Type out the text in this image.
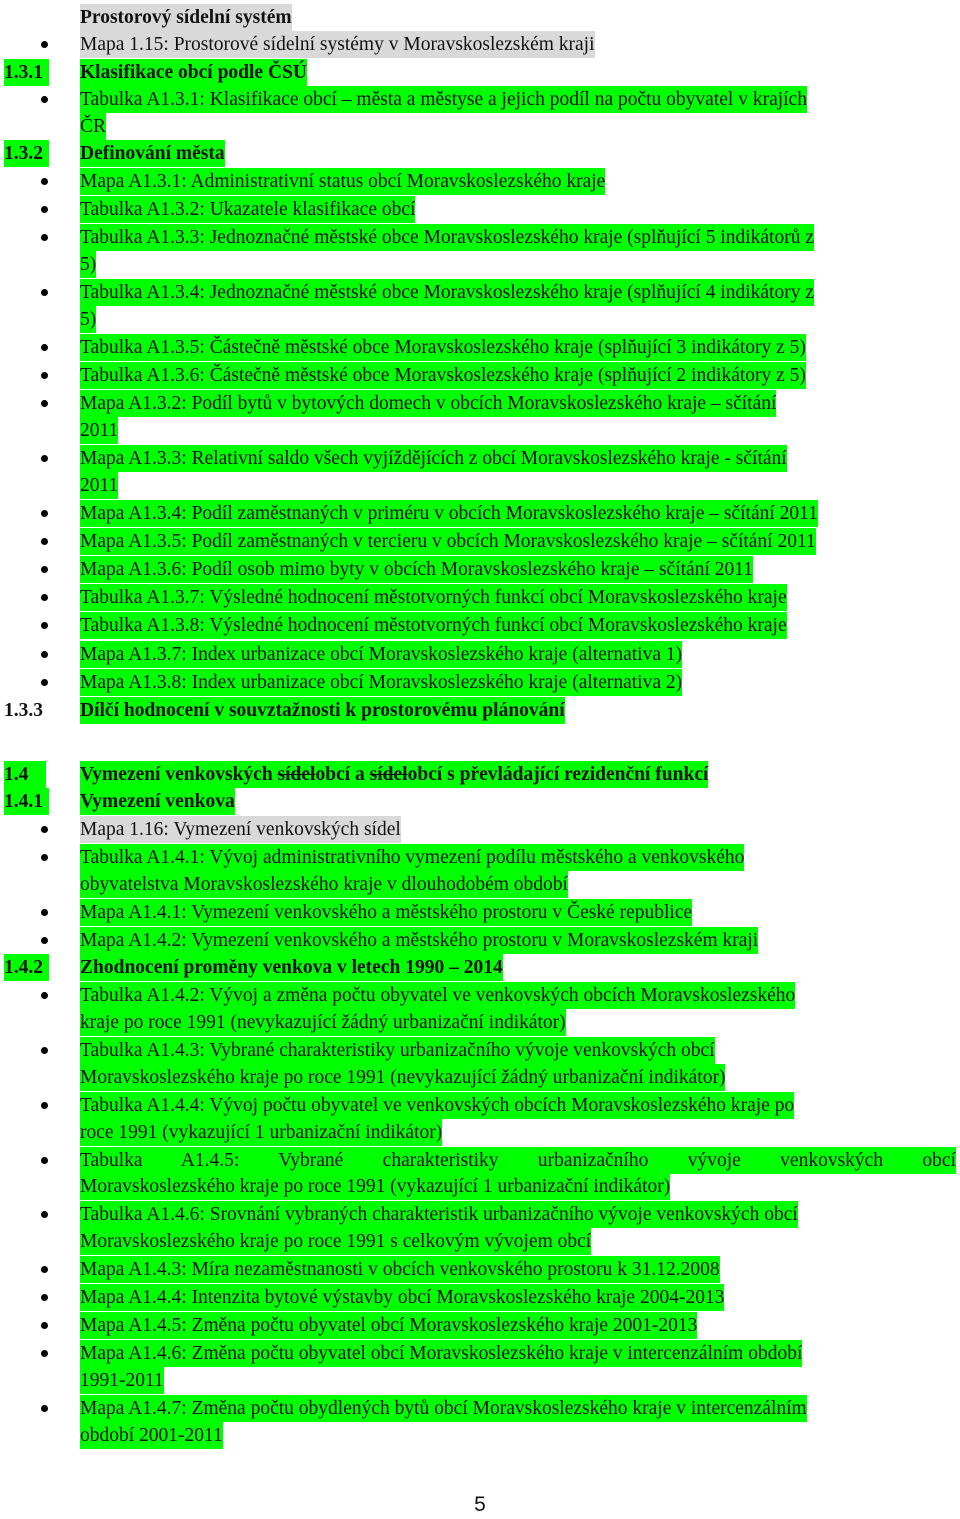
Prostorový sídelní systém
Mapa 1.15: Prostorové sídelní systémy v Moravskoslezském kraji
1.3.1	Klasifikace obcí podle ČSÚ
Tabulka A1.3.1: Klasifikace obcí – města a městyse a jejich podíl na počtu obyvatel v krajích
ČR
1.3.2	Definování města
Mapa A1.3.1: Administrativní status obcí Moravskoslezského kraje
Tabulka A1.3.2: Ukazatele klasifikace obcí
Tabulka A1.3.3: Jednoznačné městské obce Moravskoslezského kraje (splňující 5 indikátorů z
5)
Tabulka A1.3.4: Jednoznačné městské obce Moravskoslezského kraje (splňující 4 indikátory z
5)
Tabulka A1.3.5: Částečně městské obce Moravskoslezského kraje (splňující 3 indikátory z 5)
Tabulka A1.3.6: Částečně městské obce Moravskoslezského kraje (splňující 2 indikátory z 5)
Mapa A1.3.2: Podíl bytů v bytových domech v obcích Moravskoslezského kraje – sčítání
2011
Mapa A1.3.3: Relativní saldo všech vyjíždějících z obcí Moravskoslezského kraje - sčítání
2011
Mapa A1.3.4: Podíl zaměstnaných v priméru v obcích Moravskoslezského kraje – sčítání 2011
Mapa A1.3.5: Podíl zaměstnaných v tercieru v obcích Moravskoslezského kraje – sčítání 2011
Mapa A1.3.6: Podíl osob mimo byty v obcích Moravskoslezského kraje – sčítání 2011
Tabulka A1.3.7: Výsledné hodnocení městotvorných funkcí obcí Moravskoslezského kraje
Tabulka A1.3.8: Výsledné hodnocení městotvorných funkcí obcí Moravskoslezského kraje
Mapa A1.3.7: Index urbanizace obcí Moravskoslezského kraje (alternativa 1)
Mapa A1.3.8: Index urbanizace obcí Moravskoslezského kraje (alternativa 2)
1.3.3 Dílčí hodnocení v souvztažnosti k prostorovému plánování
1.4	Vymezení venkovských sídelobcí a sídelobcí s převládající rezidenční funkcí
1.4.1	Vymezení venkova
Mapa 1.16: Vymezení venkovských sídel
Tabulka A1.4.1: Vývoj administrativního vymezení podílu městského a venkovského
obyvatelstva Moravskoslezského kraje v dlouhodobém období
Mapa A1.4.1: Vymezení venkovského a městského prostoru v České republice
Mapa A1.4.2: Vymezení venkovského a městského prostoru v Moravskoslezském kraji
1.4.2	Zhodnocení proměny venkova v letech 1990 – 2014
Tabulka A1.4.2: Vývoj a změna počtu obyvatel ve venkovských obcích Moravskoslezského
kraje po roce 1991 (nevykazující žádný urbanizační indikátor)
Tabulka A1.4.3: Vybrané charakteristiky urbanizačního vývoje venkovských obcí
Moravskoslezského kraje po roce 1991 (nevykazující žádný urbanizační indikátor)
Tabulka A1.4.4: Vývoj počtu obyvatel ve venkovských obcích Moravskoslezského kraje po
roce 1991 (vykazující 1 urbanizační indikátor)
Tabulka A1.4.5: Vybrané charakteristiky urbanizačního vývoje venkovských obcí
Moravskoslezského kraje po roce 1991 (vykazující 1 urbanizační indikátor)
Tabulka A1.4.6: Srovnání vybraných charakteristik urbanizačního vývoje venkovských obcí
Moravskoslezského kraje po roce 1991 s celkovým vývojem obcí
Mapa A1.4.3: Míra nezaměstnanosti v obcích venkovského prostoru k 31.12.2008
Mapa A1.4.4: Intenzita bytové výstavby obcí Moravskoslezského kraje 2004-2013
Mapa A1.4.5: Změna počtu obyvatel obcí Moravskoslezského kraje 2001-2013
Mapa A1.4.6: Změna počtu obyvatel obcí Moravskoslezského kraje v intercenzálním období
1991-2011
Mapa A1.4.7: Změna počtu obydlených bytů obcí Moravskoslezského kraje v intercenzálním
období 2001-2011
5
